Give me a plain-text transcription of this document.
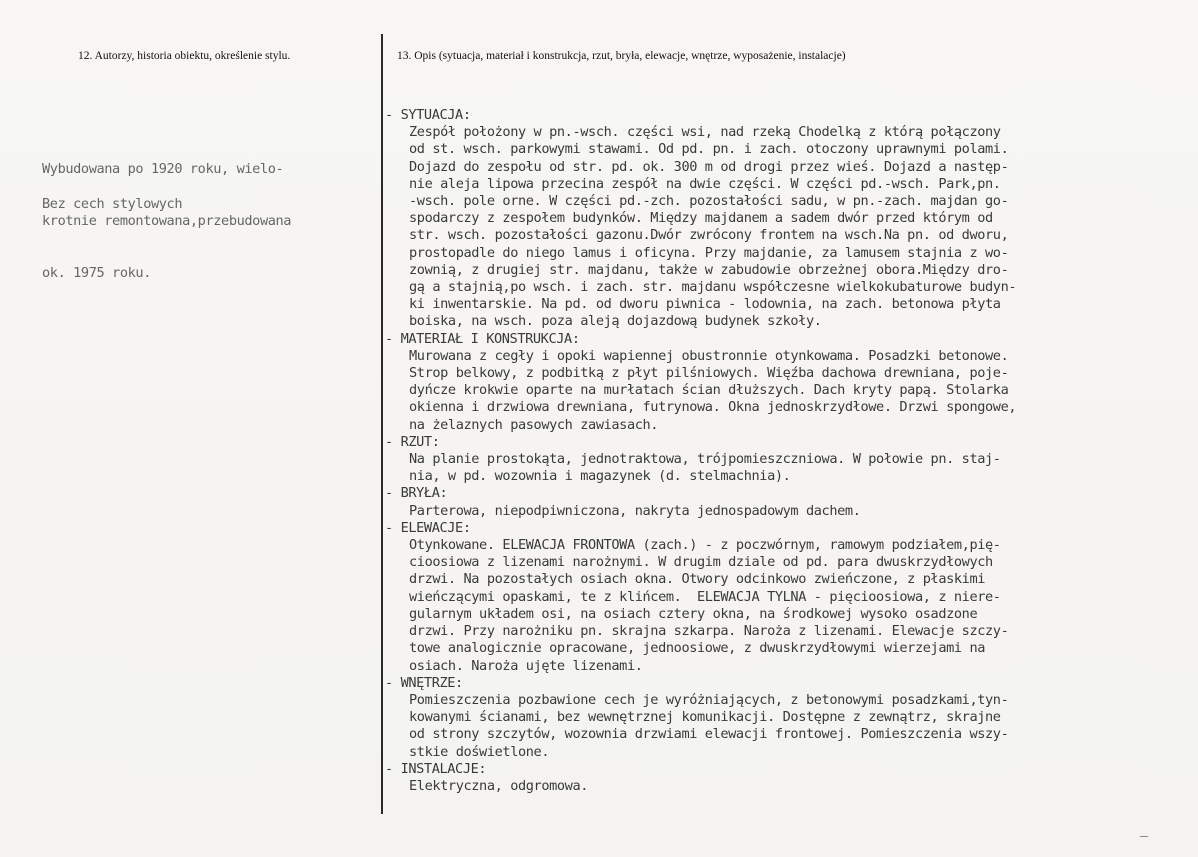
12. Autorzy, historia obiektu, określenie stylu.	13. Opis (sytuacja, materiał i konstrukcja, rzut, bryła, elewacje, wnętrze, wyposażenie, instalacje)

Wybudowana po 1920 roku, wielo-

krotnie remontowana,przebudowana

ok. 1975 roku.

Bez cech stylowych
- SYTUACJA:
Zespół położony w pn.-wsch. części wsi, nad rzeką Chodelką z którą połączony
od st. wsch. parkowymi stawami. Od pd. pn. i zach. otoczony uprawnymi polami.
Dojazd do zespołu od str. pd. ok. 300 m od drogi przez wieś. Dojazd a następ-
nie aleja lipowa przecina zespół na dwie części. W części pd.-wsch. Park,pn.
-wsch. pole orne. W części pd.-zch. pozostałości sadu, w pn.-zach. majdan go-
spodarczy z zespołem budynków. Między majdanem a sadem dwór przed którym od
str. wsch. pozostałości gazonu.Dwór zwrócony frontem na wsch.Na pn. od dworu,
prostopadle do niego lamus i oficyna. Przy majdanie, za lamusem stajnia z wo-
zownią, z drugiej str. majdanu, także w zabudowie obrzeżnej obora.Między dro-
gą a stajnią,po wsch. i zach. str. majdanu współczesne wielkokubaturowe budyn-
ki inwentarskie. Na pd. od dworu piwnica - lodownia, na zach. betonowa płyta
boiska, na wsch. poza aleją dojazdową budynek szkoły.
- MATERIAŁ I KONSTRUKCJA:
Murowana z cegły i opoki wapiennej obustronnie otynkowama. Posadzki betonowe.
Strop belkowy, z podbitką z płyt pilśniowych. Więźba dachowa drewniana, poje-
dyńcze krokwie oparte na murłatach ścian dłuższych. Dach kryty papą. Stolarka
okienna i drzwiowa drewniana, futrynowa. Okna jednoskrzydłowe. Drzwi spongowe,
na żelaznych pasowych zawiasach.
- RZUT:
Na planie prostokąta, jednotraktowa, trójpomieszczniowa. W połowie pn. staj-
nia, w pd. wozownia i magazynek (d. stelmachnia).
- BRYŁA:
Parterowa, niepodpiwniczona, nakryta jednospadowym dachem.
- ELEWACJE:
Otynkowane. ELEWACJA FRONTOWA (zach.) - z poczwórnym, ramowym podziałem,pię-
cioosiowa z lizenami narożnymi. W drugim dziale od pd. para dwuskrzydłowych
drzwi. Na pozostałych osiach okna. Otwory odcinkowo zwieńczone, z płaskimi
wieńczącymi opaskami, te z klińcem.  ELEWACJA TYLNA - pięcioosiowa, z niere-
gularnym układem osi, na osiach cztery okna, na środkowej wysoko osadzone
drzwi. Przy narożniku pn. skrajna szkarpa. Naroża z lizenami. Elewacje szczy-
towe analogicznie opracowane, jednoosiowe, z dwuskrzydłowymi wierzejami na
osiach. Naroża ujęte lizenami.
- WNĘTRZE:
Pomieszczenia pozbawione cech je wyróżniających, z betonowymi posadzkami,tyn-
kowanymi ścianami, bez wewnętrznej komunikacji. Dostępne z zewnątrz, skrajne
od strony szczytów, wozownia drzwiami elewacji frontowej. Pomieszczenia wszy-
stkie doświetlone.
- INSTALACJE:
Elektryczna, odgromowa.
